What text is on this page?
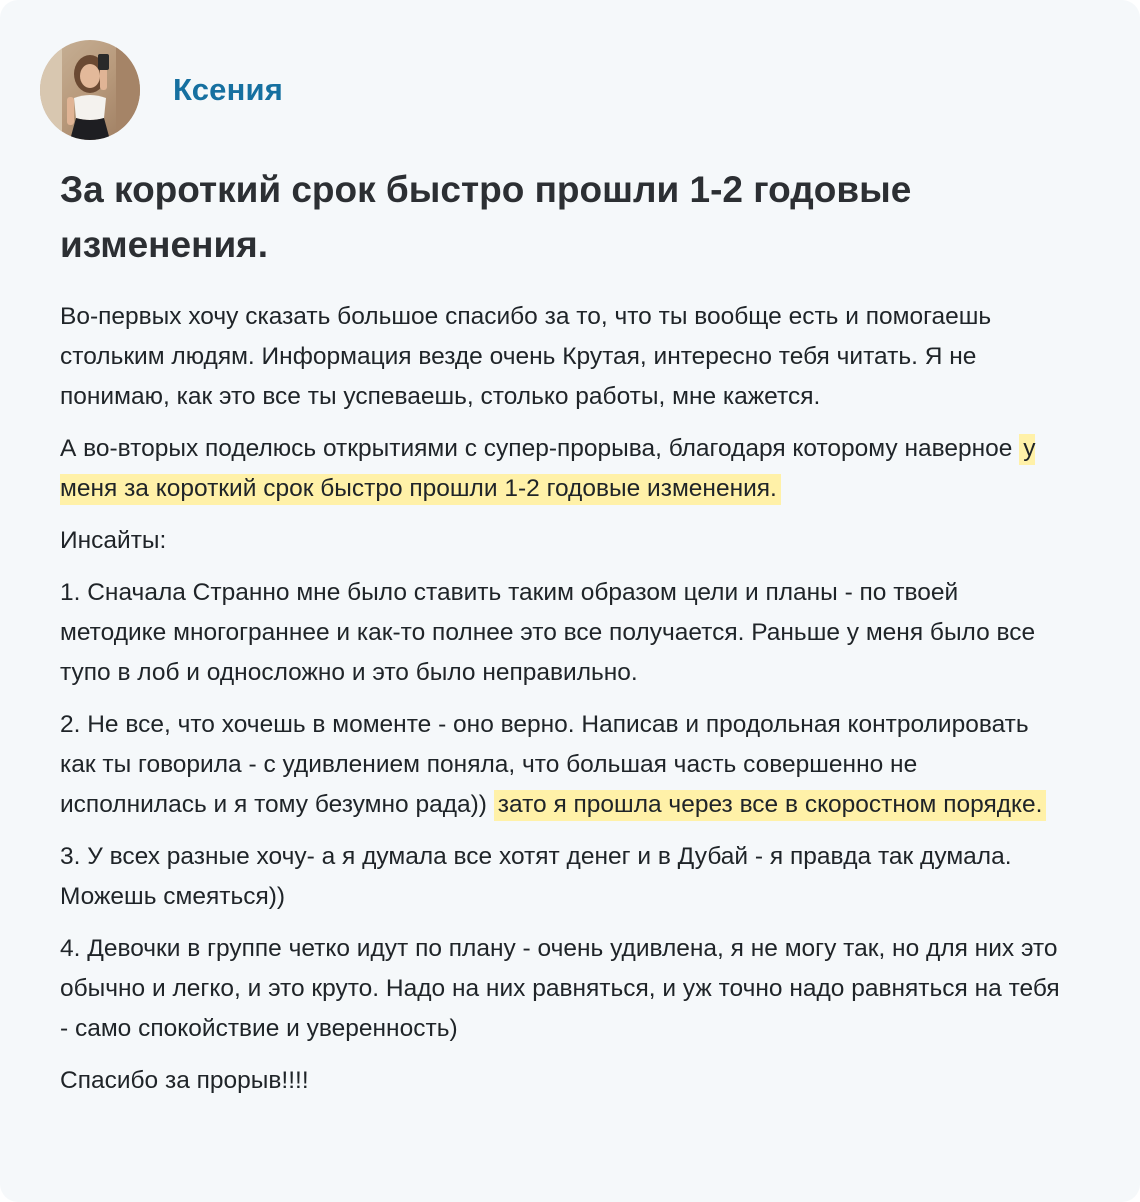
Ксения
За короткий срок быстро прошли 1-2 годовые изменения.

Во-первых хочу сказать большое спасибо за то, что ты вообще есть и помогаешь стольким людям. Информация везде очень Крутая, интересно тебя читать. Я не понимаю, как это все ты успеваешь, столько работы, мне кажется.

А во-вторых поделюсь открытиями с супер-прорыва, благодаря которому наверное у меня за короткий срок быстро прошли 1-2 годовые изменения.

Инсайты:

1. Сначала Странно мне было ставить таким образом цели и планы - по твоей методике многограннее и как-то полнее это все получается. Раньше у меня было все тупо в лоб и односложно и это было неправильно.

2. Не все, что хочешь в моменте - оно верно. Написав и продольная контролировать как ты говорила - с удивлением поняла, что большая часть совершенно не исполнилась и я тому безумно рада)) зато я прошла через все в скоростном порядке.

3. У всех разные хочу- а я думала все хотят денег и в Дубай - я правда так думала. Можешь смеяться))

4. Девочки в группе четко идут по плану - очень удивлена, я не могу так, но для них это обычно и легко, и это круто. Надо на них равняться, и уж точно надо равняться на тебя - само спокойствие и уверенность)

Спасибо за прорыв!!!!
